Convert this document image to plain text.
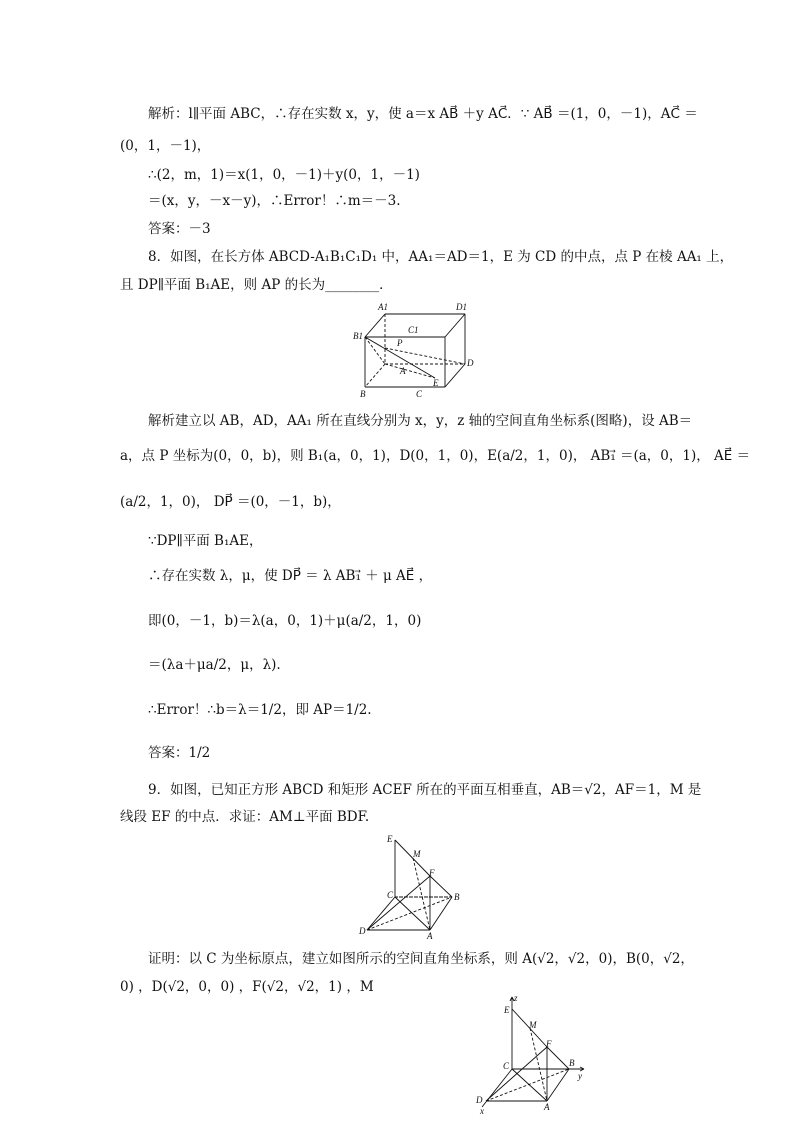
解析：l∥平面 ABC，∴存在实数 x，y，使 a＝x AB⃗ ＋y AC⃗．∵ AB⃗ ＝(1，0，－1)，AC⃗ ＝
(0，1，－1)，
∴(2，m，1)＝x(1，0，－1)＋y(0，1，－1)
＝(x，y，－x－y)，∴Error！∴m＝－3.
答案：－3
8．如图，在长方体 ABCD-A₁B₁C₁D₁ 中，AA₁＝AD＝1，E 为 CD 的中点，点 P 在棱 AA₁ 上，
且 DP∥平面 B₁AE，则 AP 的长为________．
A1	D1
B1
C1
P
D
A
E
B	C
解析建立以 AB，AD，AA₁ 所在直线分别为 x，y，z 轴的空间直角坐标系(图略)，设 AB＝
a，点 P 坐标为(0，0，b)，则 B₁(a，0，1)，D(0，1，0)，E(a/2，1，0)， AB₁⃗ ＝(a，0，1)， AE⃗ ＝
(a/2，1，0)， DP⃗ ＝(0，－1，b)，
∵DP∥平面 B₁AE，
∴存在实数 λ，μ，使 DP⃗ ＝ λ AB₁⃗ ＋ μ AE⃗ ，
即(0，－1，b)＝λ(a，0，1)＋μ(a/2，1，0)
＝(λa＋μa/2，μ，λ).
∴Error！∴b＝λ＝1/2，即 AP＝1/2.
答案：1/2
9．如图，已知正方形 ABCD 和矩形 ACEF 所在的平面互相垂直，AB＝√2，AF＝1，M 是
线段 EF 的中点．求证：AM⊥平面 BDF.
E
M
F
C	B
D	A
证明：以 C 为坐标原点，建立如图所示的空间直角坐标系，则 A(√2，√2，0)，B(0，√2，
0) ，D(√2，0，0) ，F(√2，√2，1) ，M
z
E
M
F
C	B
y
D
A
x
